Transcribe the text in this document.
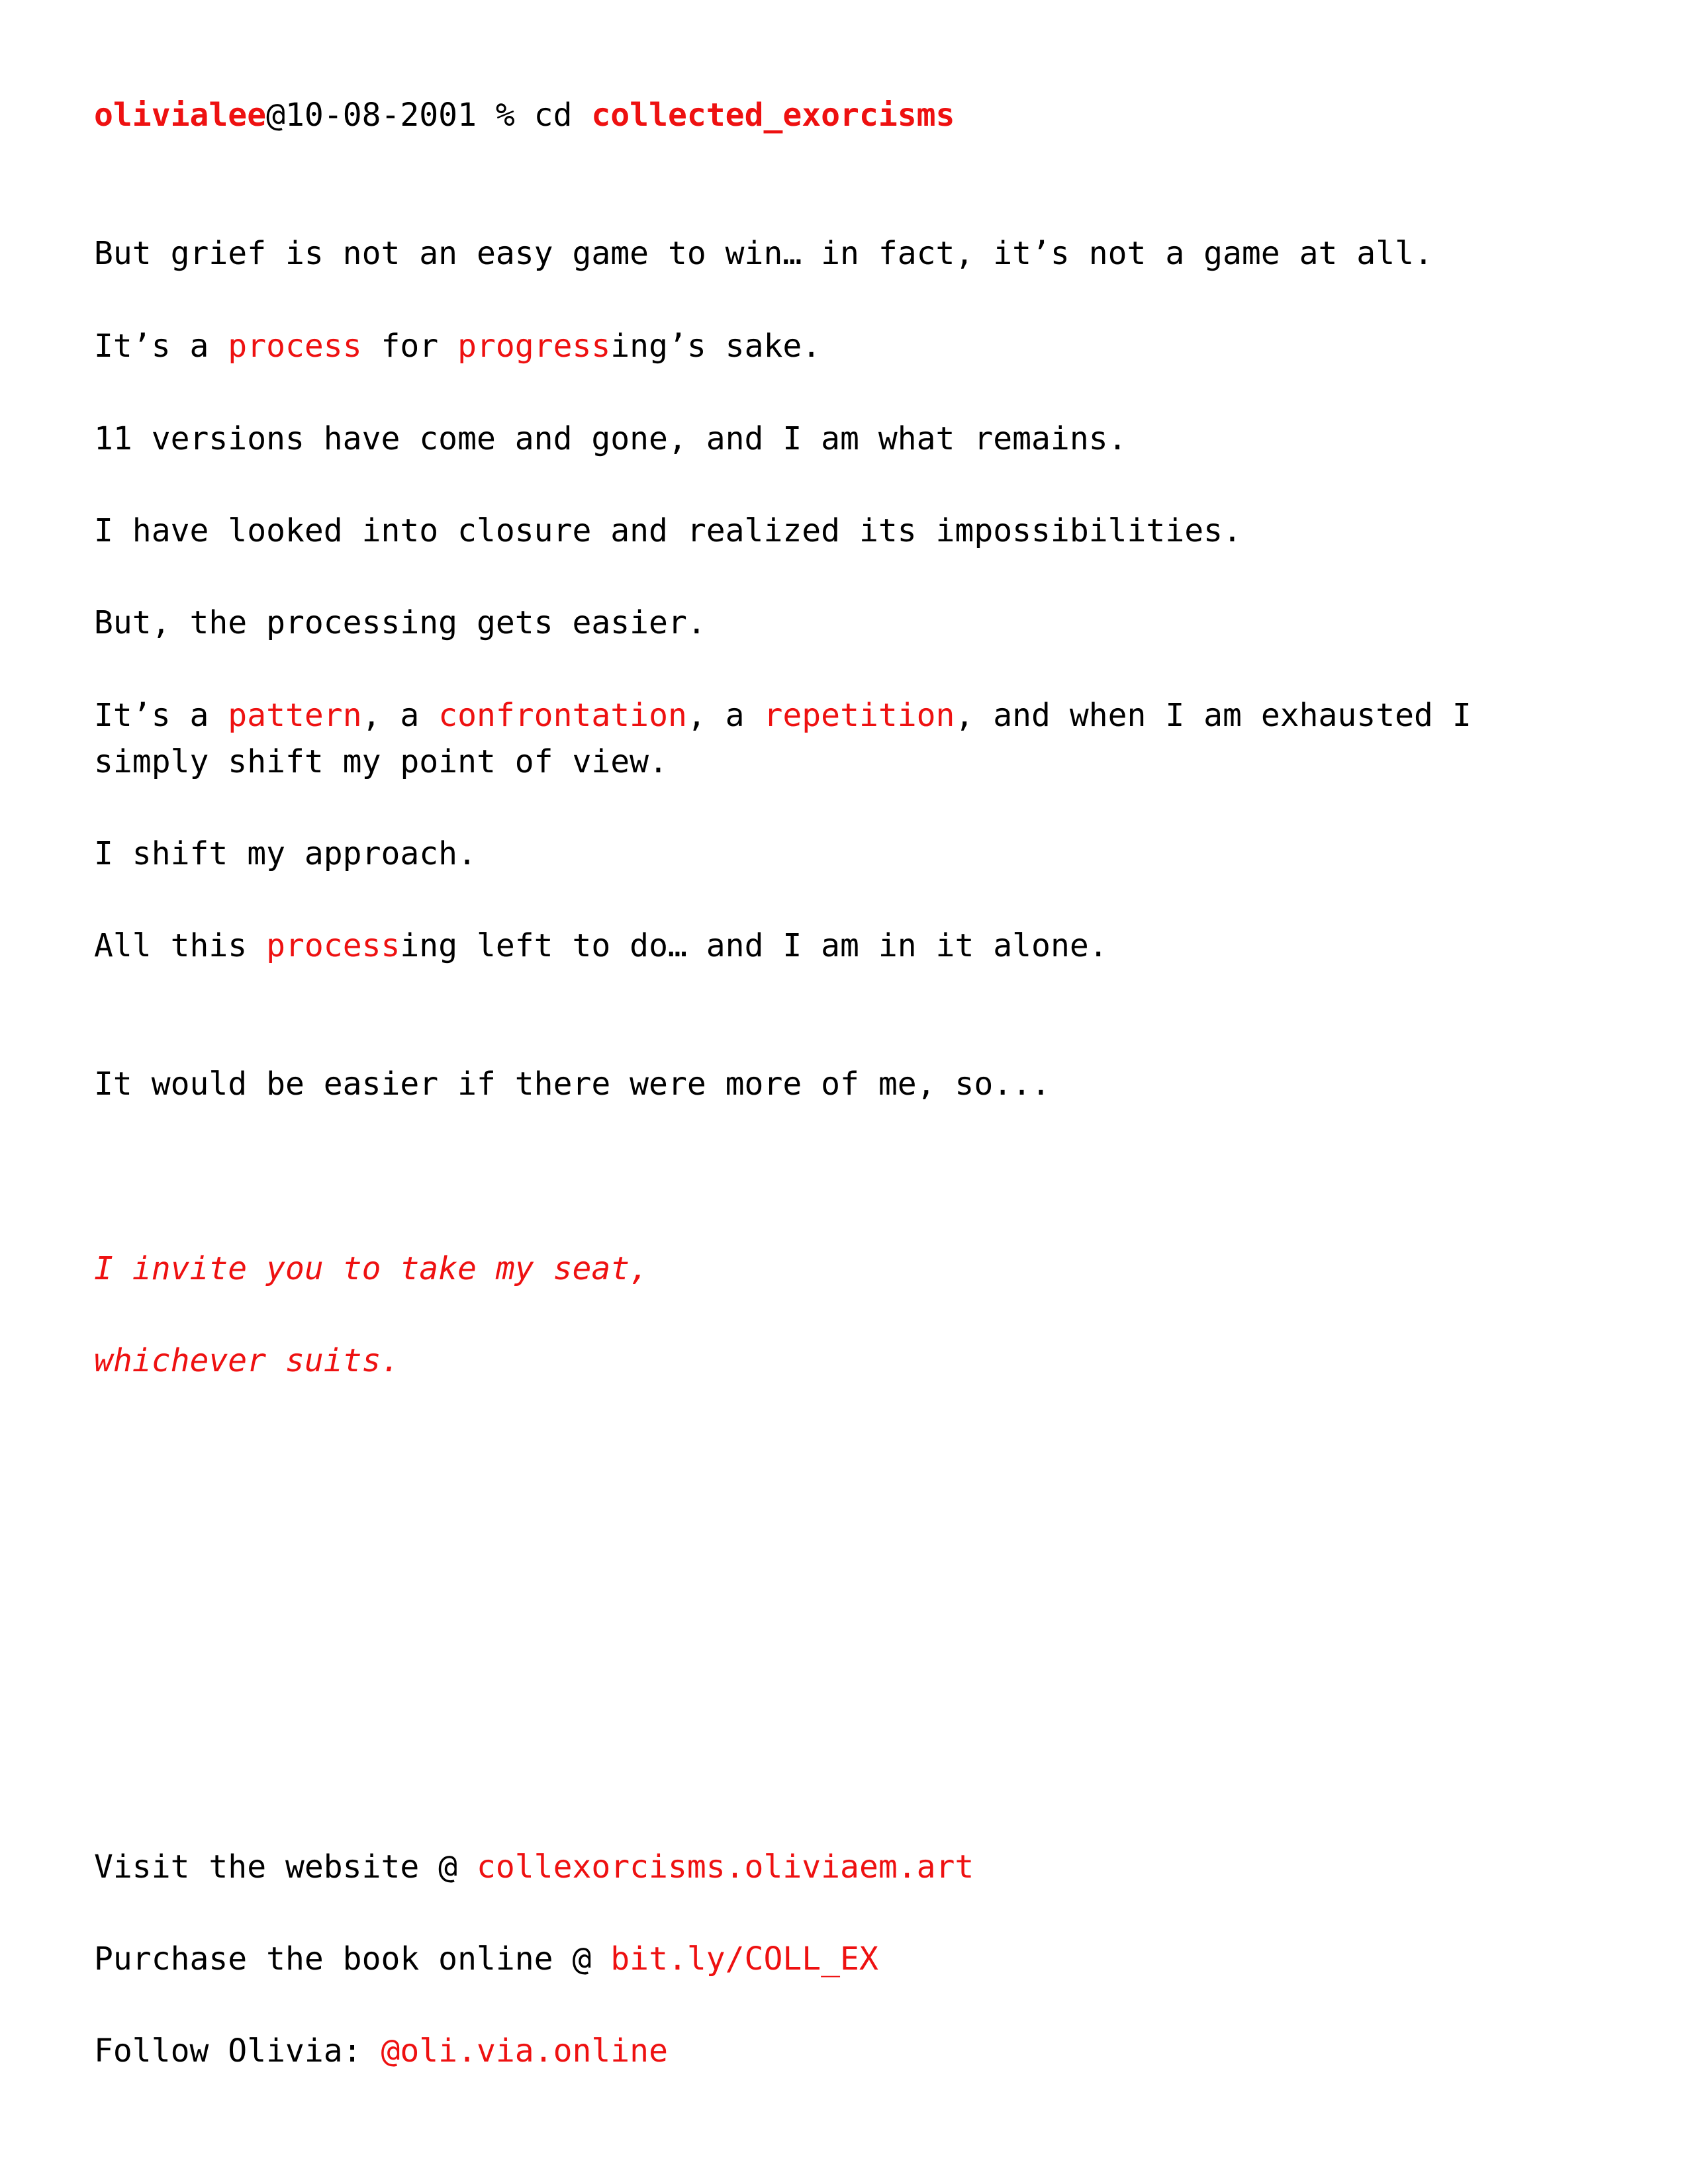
olivialee@10-08-2001 % cd collected_exorcisms
But grief is not an easy game to win… in fact, it’s not a game at all.
It’s a process for progressing’s sake.
11 versions have come and gone, and I am what remains.
I have looked into closure and realized its impossibilities.
But, the processing gets easier.
It’s a pattern, a confrontation, a repetition, and when I am exhausted I
simply shift my point of view.
I shift my approach.
All this processing left to do… and I am in it alone.
It would be easier if there were more of me, so...
I invite you to take my seat,
whichever suits.
Visit the website @ collexorcisms.oliviaem.art
Purchase the book online @ bit.ly/COLL_EX
Follow Olivia: @oli.via.online
